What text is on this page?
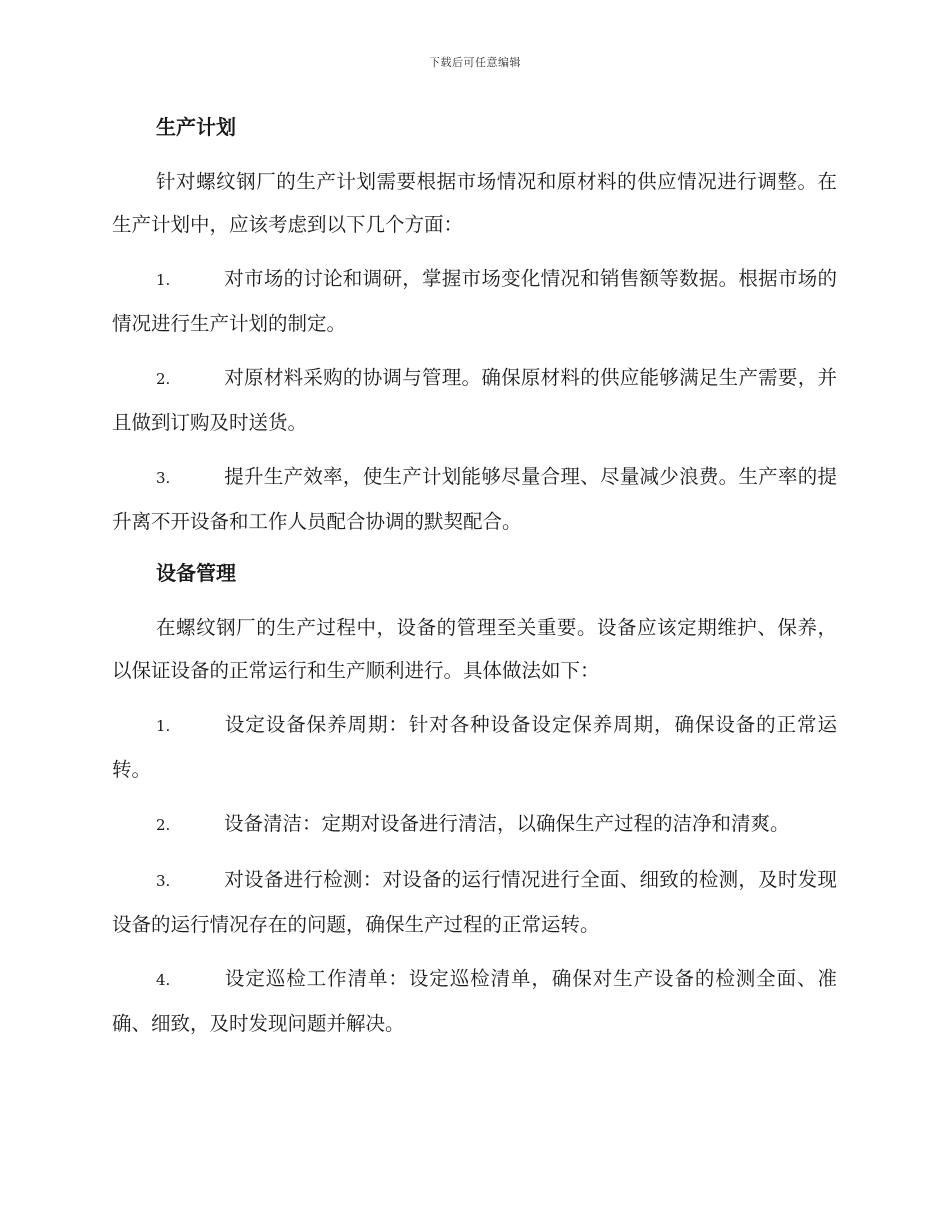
下载后可任意编辑
生产计划

针对螺纹钢厂的生产计划需要根据市场情况和原材料的供应情况进行调整。在生产计划中，应该考虑到以下几个方面：

1.	对市场的讨论和调研，掌握市场变化情况和销售额等数据。根据市场的情况进行生产计划的制定。

2.	对原材料采购的协调与管理。确保原材料的供应能够满足生产需要，并且做到订购及时送货。

3.	提升生产效率，使生产计划能够尽量合理、尽量减少浪费。生产率的提升离不开设备和工作人员配合协调的默契配合。

设备管理

在螺纹钢厂的生产过程中，设备的管理至关重要。设备应该定期维护、保养，以保证设备的正常运行和生产顺利进行。具体做法如下：

1.	设定设备保养周期：针对各种设备设定保养周期，确保设备的正常运转。

2.	设备清洁：定期对设备进行清洁，以确保生产过程的洁净和清爽。

3.	对设备进行检测：对设备的运行情况进行全面、细致的检测，及时发现设备的运行情况存在的问题，确保生产过程的正常运转。

4.	设定巡检工作清单：设定巡检清单，确保对生产设备的检测全面、准确、细致，及时发现问题并解决。
